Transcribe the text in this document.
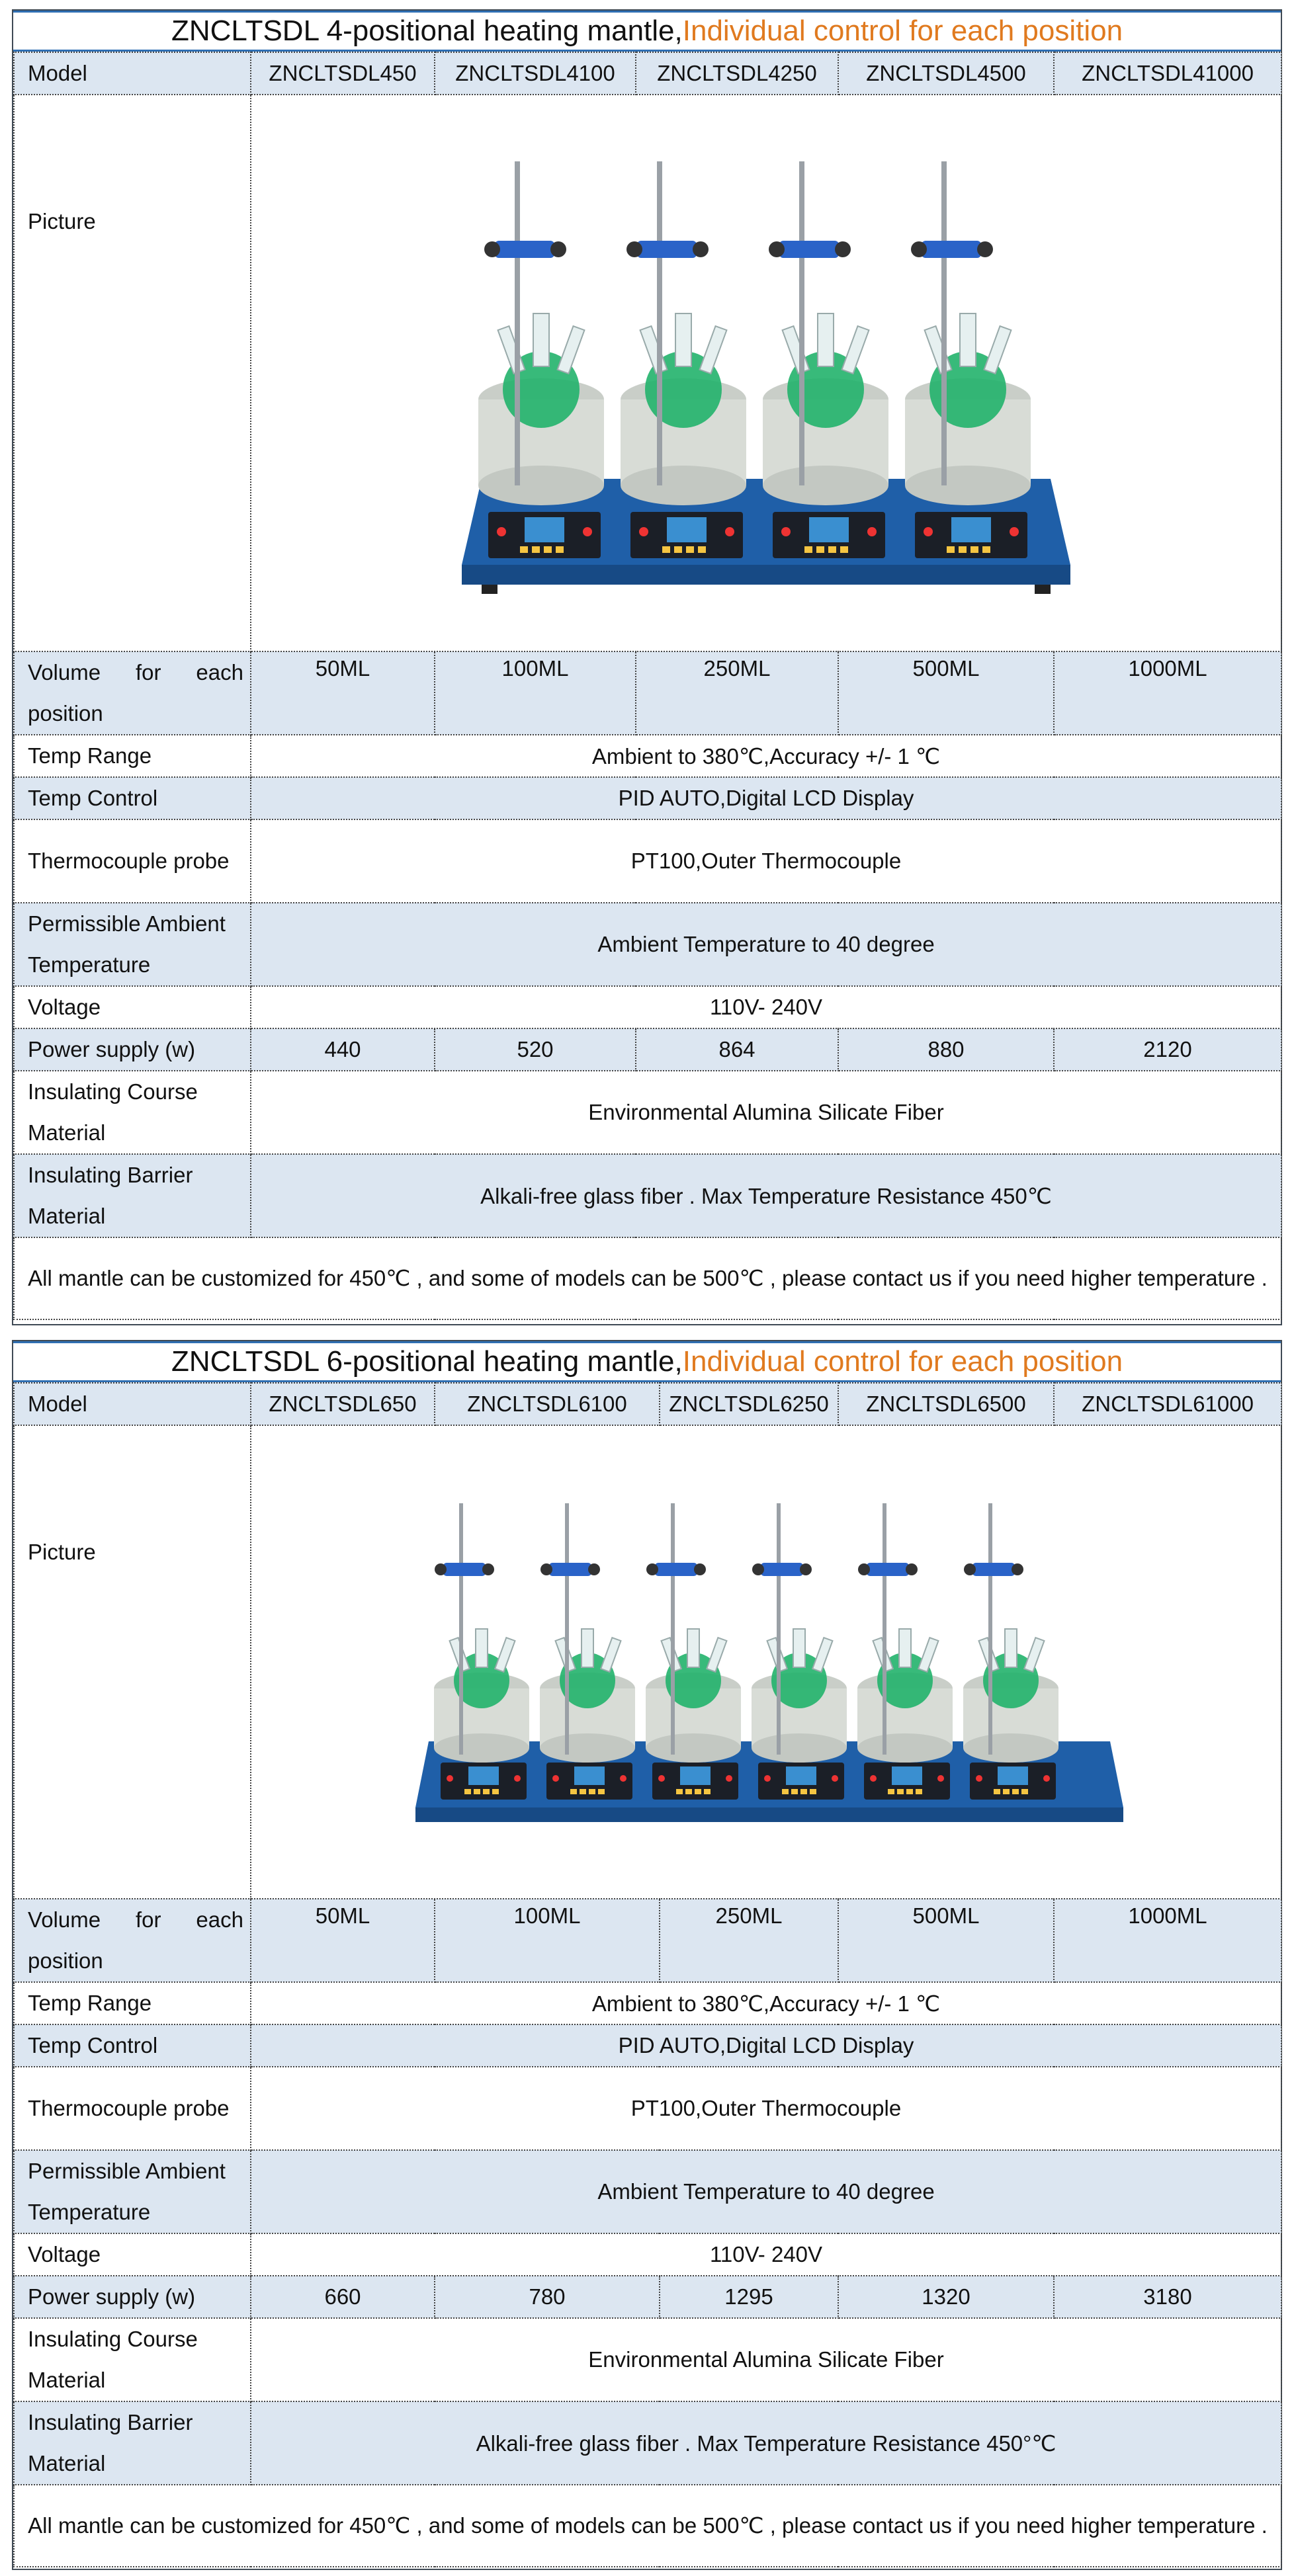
ZNCLTSDL 4-positional heating mantle, Individual control for each position
Model	ZNCLTSDL450	ZNCLTSDL4100	ZNCLTSDL4250	ZNCLTSDL4500	ZNCLTSDL41000

Picture

Volume for each position	50ML	100ML	250ML	500ML	1000ML
Temp Range	Ambient to 380℃,Accuracy +/- 1 ℃				
Temp Control	PID AUTO,Digital LCD Display				
Thermocouple probe	PT100,Outer Thermocouple				
Permissible Ambient Temperature	Ambient Temperature to 40 degree				
Voltage	110V- 240V				
Power supply (w)	440	520	864	880	2120
Insulating Course Material	Environmental Alumina Silicate Fiber				
Insulating Barrier Material	Alkali-free glass fiber . Max Temperature Resistance 450℃				
All mantle can be customized for 450℃ , and some of models can be 500℃ , please contact us if you need higher temperature .					
ZNCLTSDL 6-positional heating mantle, Individual control for each position
Model	ZNCLTSDL650	ZNCLTSDL6100	ZNCLTSDL6250	ZNCLTSDL6500	ZNCLTSDL61000

Picture

Volume for each position	50ML	100ML	250ML	500ML	1000ML
Temp Range	Ambient to 380℃,Accuracy +/- 1 ℃				
Temp Control	PID AUTO,Digital LCD Display				
Thermocouple probe	PT100,Outer Thermocouple				
Permissible Ambient Temperature	Ambient Temperature to 40 degree				
Voltage	110V- 240V				
Power supply (w)	660	780	1295	1320	3180
Insulating Course Material	Environmental Alumina Silicate Fiber				
Insulating Barrier Material	Alkali-free glass fiber . Max Temperature Resistance 450°℃				
All mantle can be customized for 450℃ , and some of models can be 500℃ , please contact us if you need higher temperature .					
